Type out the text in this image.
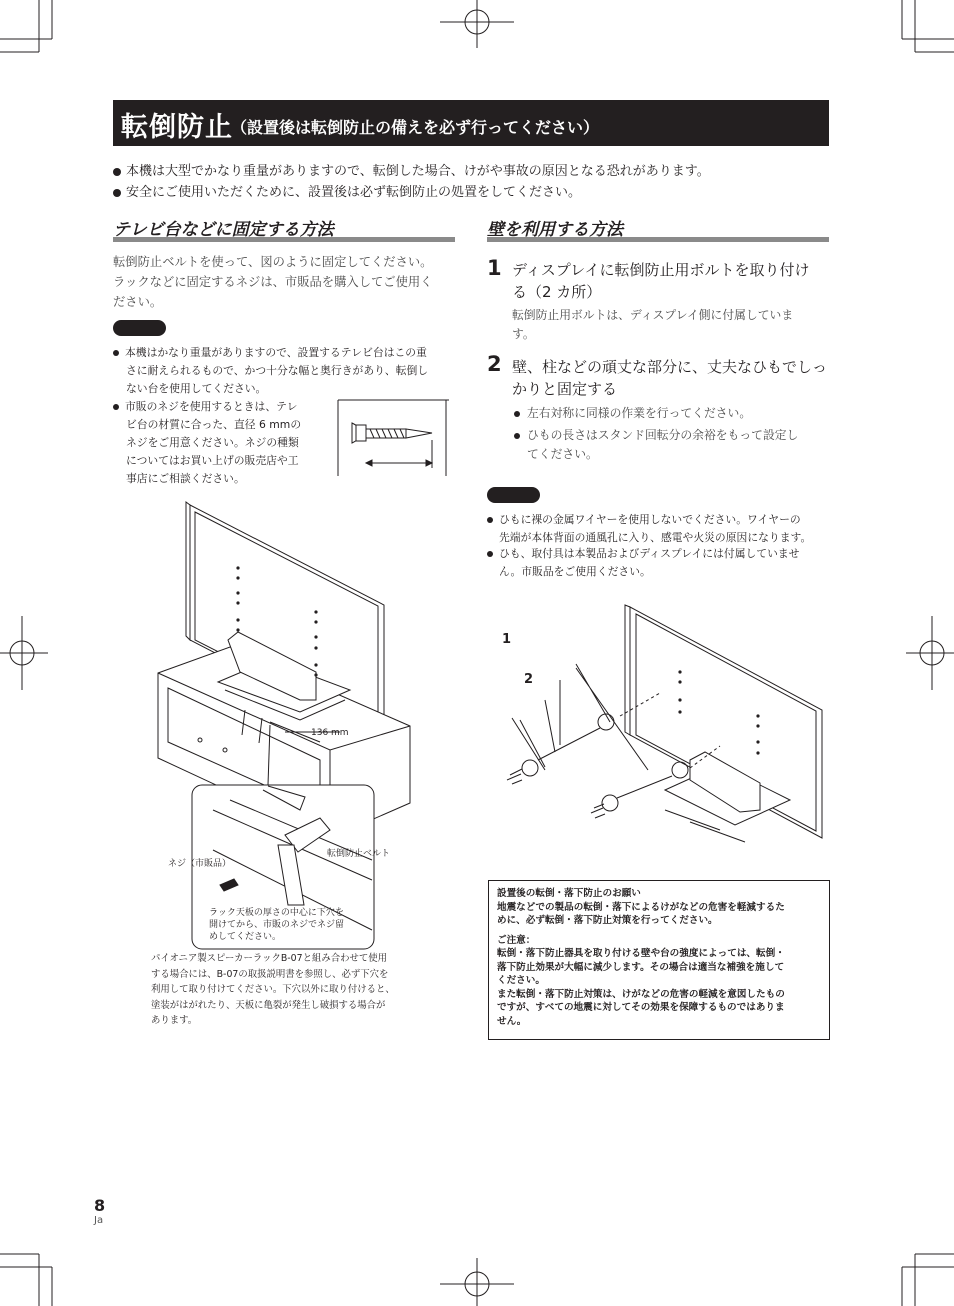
転倒防止
（設置後は転倒防止の備えを必ず行ってください）
本機は大型でかなり重量がありますので、転倒した場合、けがや事故の原因となる恐れがあります。
安全にご使用いただくために、設置後は必ず転倒防止の処置をしてください。
テレビ台などに固定する方法
転倒防止ベルトを使って、図のように固定してください。
ラックなどに固定するネジは、市販品を購入してご使用く
ださい。
本機はかなり重量がありますので、設置するテレビ台はこの重
さに耐えられるもので、かつ十分な幅と奥行きがあり、転倒し
ない台を使用してください。
市販のネジを使用するときは、テレ
ビ台の材質に合った、直径 6 mmの
ネジをご用意ください。ネジの種類
についてはお買い上げの販売店や工
事店にご相談ください。
136 mm
ネジ（市販品）
転倒防止ベルト
ラック天板の厚さの中心に下穴を
開けてから、市販のネジでネジ留
めしてください。
パイオニア製スピーカーラックB-07と組み合わせて使用
する場合には、B-07の取扱説明書を参照し、必ず下穴を
利用して取り付けてください。下穴以外に取り付けると、
塗装がはがれたり、天板に亀裂が発生し破損する場合が
あります。
壁を利用する方法
1 ディスプレイに転倒防止用ボルトを取り付け
る（2 カ所）
転倒防止用ボルトは、ディスプレイ側に付属していま
す。
2 壁、柱などの頑丈な部分に、丈夫なひもでしっ
かりと固定する
左右対称に同様の作業を行ってください。
ひもの長さはスタンド回転分の余裕をもって設定し
てください。
ひもに裸の金属ワイヤーを使用しないでください。ワイヤーの
先端が本体背面の通風孔に入り、感電や火災の原因になります。
ひも、取付具は本製品およびディスプレイには付属していませ
ん。市販品をご使用ください。
1
2
設置後の転倒・落下防止のお願い
地震などでの製品の転倒・落下によるけがなどの危害を軽減するた
めに、必ず転倒・落下防止対策を行ってください。
ご注意：
転倒・落下防止器具を取り付ける壁や台の強度によっては、転倒・
落下防止効果が大幅に減少します。その場合は適当な補強を施して
ください。
また転倒・落下防止対策は、けがなどの危害の軽減を意図したもの
ですが、すべての地震に対してその効果を保障するものではありま
せん。
8
Ja
